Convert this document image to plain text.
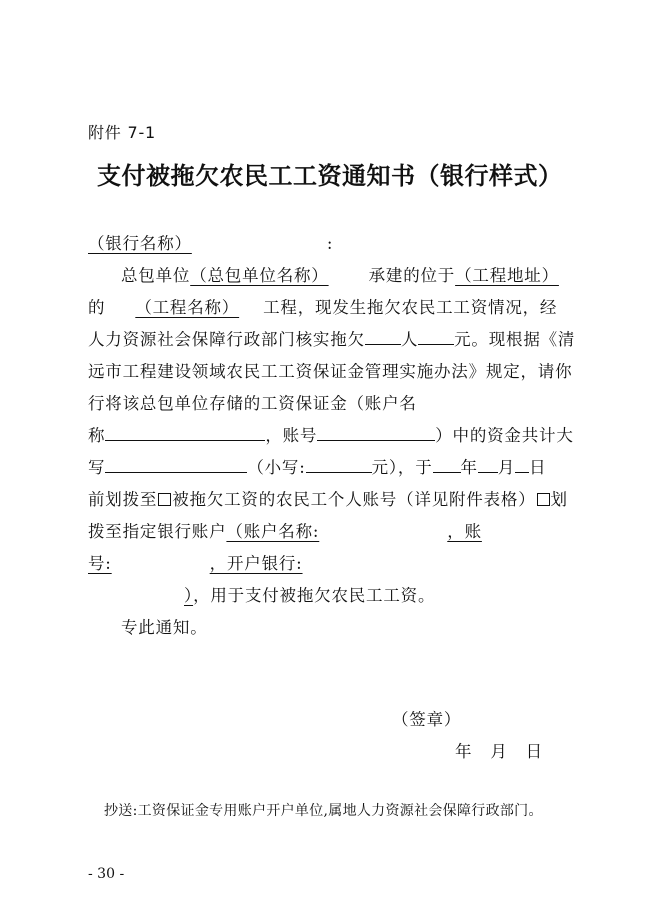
附件 7-1
支付被拖欠农民工工资通知书（银行样式）
（银行名称）	:
总包单位（总包单位名称） 承建的位于（工程地址）
的 （工程名称） 工程，现发生拖欠农民工工资情况，经
人力资源社会保障行政部门核实拖欠 人 元。现根据《清
远市工程建设领域农民工工资保证金管理实施办法》规定，请你
行将该总包单位存储的工资保证金（账户名
称	，账号	）中的资金共计大
写	（小写:	元），于 年 月 日
前划拨至 被拖欠工资的农民工个人账号（详见附件表格） 划
拨至指定银行账户（账户名称:	，账
号:	，开户银行:
），用于支付被拖欠农民工工资。
专此通知。
（签章）
年 月 日
抄送:工资保证金专用账户开户单位,属地人力资源社会保障行政部门。
- 30 -
